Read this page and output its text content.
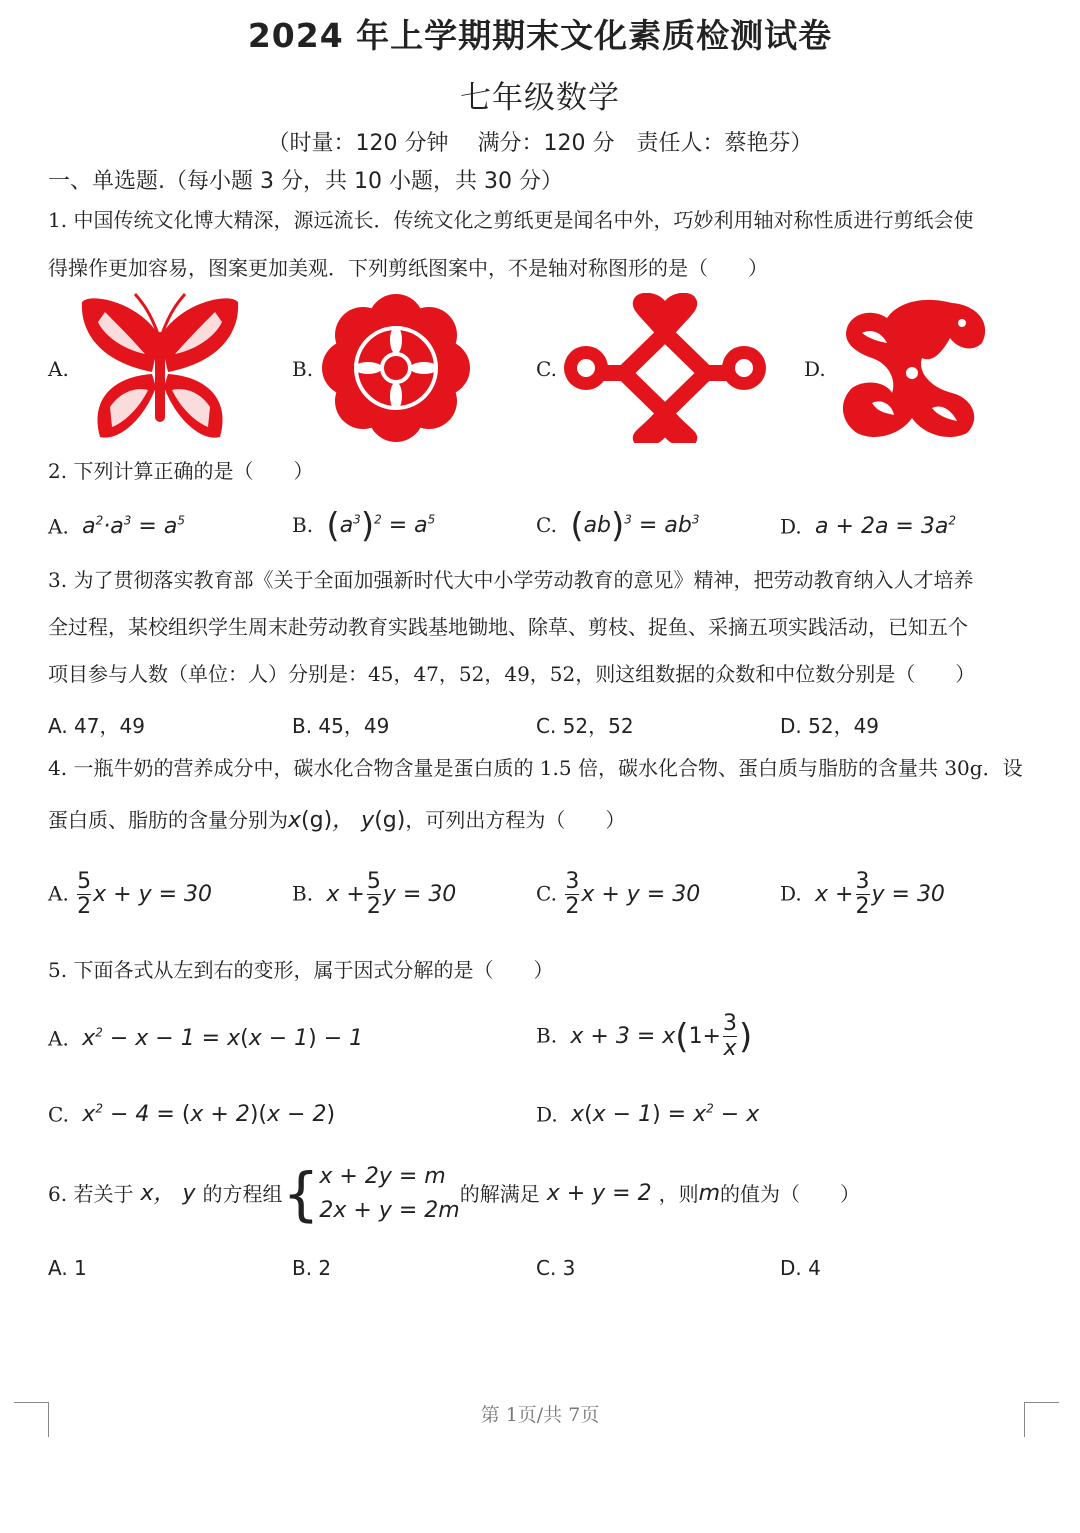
2024 年上学期期末文化素质检测试卷
七年级数学
（时量：120 分钟　 满分：120 分　责任人：蔡艳芬）
一、单选题.（每小题 3 分，共 10 小题，共 30 分）
1. 中国传统文化博大精深，源远流长．传统文化之剪纸更是闻名中外，巧妙利用轴对称性质进行剪纸会使
得操作更加容易，图案更加美观．下列剪纸图案中，不是轴对称图形的是（　　）
A.	B.	C.	D.
2. 下列计算正确的是（　　）
A.  $a^2\cdot a^3 = a^5$	B. $(a^3)^2 = a^5$	C. $(ab)^3 = ab^3$	D.  $a + 2a = 3a^2$
3. 为了贯彻落实教育部《关于全面加强新时代大中小学劳动教育的意见》精神，把劳动教育纳入人才培养
全过程，某校组织学生周末赴劳动教育实践基地锄地、除草、剪枝、捉鱼、采摘五项实践活动，已知五个
项目参与人数（单位：人）分别是：45，47，52，49，52，则这组数据的众数和中位数分别是（　　）
A. 47，49	B. 45，49	C. 52，52	D. 52，49
4. 一瓶牛奶的营养成分中，碳水化合物含量是蛋白质的 1.5 倍，碳水化合物、蛋白质与脂肪的含量共 30g．设
蛋白质、脂肪的含量分别为x(g)， y(g)，可列出方程为（　　）
A. $\frac{5}{2}$ x + y = 30	B.  $x + \frac{5}{2}$ y = 30	C. $\frac{3}{2}$ x + y = 30	D.  $x + \frac{3}{2}$ y = 30
5. 下面各式从左到右的变形，属于因式分解的是（　　）
A.  $x^2 - x - 1 = x(x - 1) - 1$	B.  $x + 3 = x(1+ \frac{3}{x}$ )
C.  $x^2 - 4 = (x + 2)(x - 2)$	D.  $x(x - 1) = x^2 - x$
6. 若关于 x， y 的方程组 { x + 2y = m
2x + y = 2m
的解满足 x + y = 2 ，则 m 的值为（　　）
A. 1	B. 2	C. 3	D. 4
第 1页/共 7页
